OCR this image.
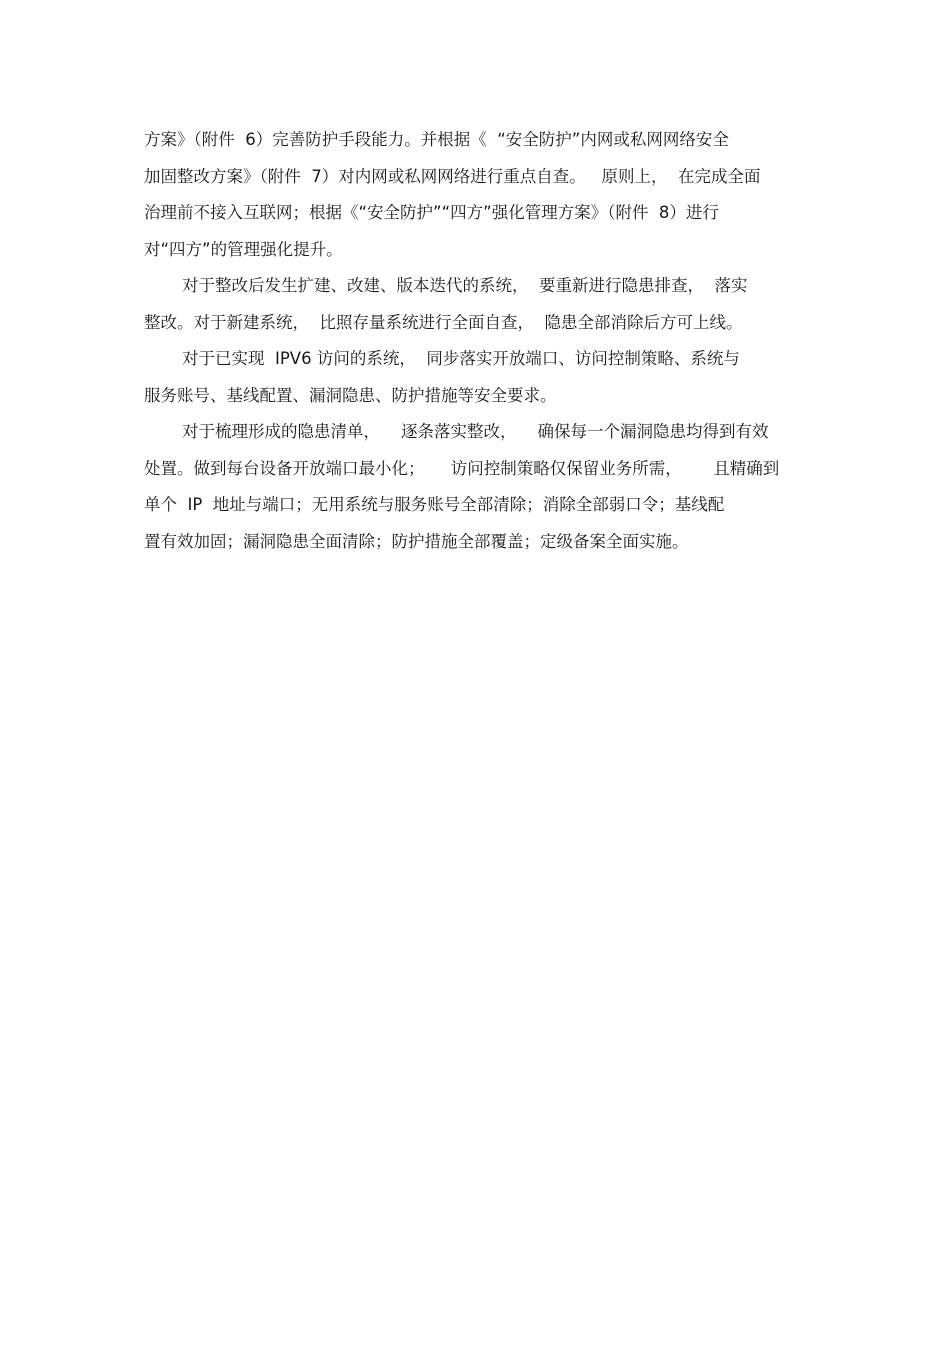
方案》（附件  6）完善防护手段能力。并根据《  “安全防护”内网或私网网络安全
加固整改方案》（附件  7）对内网或私网网络进行重点自查。   原则上，  在完成全面
治理前不接入互联网；根据《“安全防护”“四方”强化管理方案》（附件  8）进行
对“四方”的管理强化提升。
对于整改后发生扩建、改建、版本迭代的系统，  要重新进行隐患排查，  落实
整改。对于新建系统，  比照存量系统进行全面自查，  隐患全部消除后方可上线。
对于已实现  IPV6 访问的系统，  同步落实开放端口、访问控制策略、系统与
服务账号、基线配置、漏洞隐患、防护措施等安全要求。
对于梳理形成的隐患清单，    逐条落实整改，    确保每一个漏洞隐患均得到有效
处置。做到每台设备开放端口最小化；     访问控制策略仅保留业务所需，      且精确到
单个  IP  地址与端口；无用系统与服务账号全部清除；消除全部弱口令；基线配
置有效加固；漏洞隐患全面清除；防护措施全部覆盖；定级备案全面实施。
